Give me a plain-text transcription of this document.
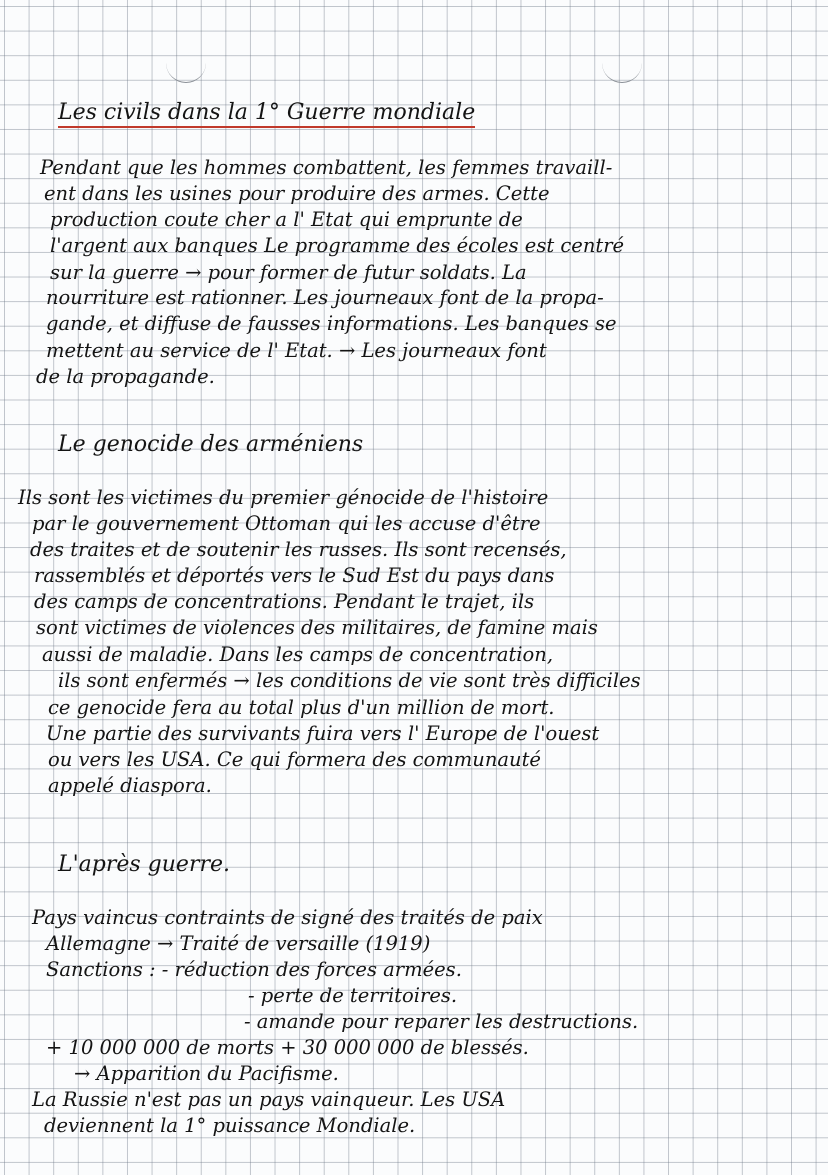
Les civils dans la 1° Guerre mondiale
Pendant que les hommes combattent, les femmes travaill-
ent dans les usines pour produire des armes. Cette
production coute cher a l' Etat qui emprunte de
l'argent aux banques Le programme des écoles est centré
sur la guerre → pour former de futur soldats. La
nourriture est rationner. Les journeaux font de la propa-
gande, et diffuse de fausses informations. Les banques se
mettent au service de l' Etat. → Les journeaux font
de la propagande.
Le genocide des arméniens
Ils sont les victimes du premier génocide de l'histoire
par le gouvernement Ottoman qui les accuse d'être
des traites et de soutenir les russes. Ils sont recensés,
rassemblés et déportés vers le Sud Est du pays dans
des camps de concentrations. Pendant le trajet, ils
sont victimes de violences des militaires, de famine mais
aussi de maladie. Dans les camps de concentration,
ils sont enfermés → les conditions de vie sont très difficiles
ce genocide fera au total plus d'un million de mort.
Une partie des survivants fuira vers l' Europe de l'ouest
ou vers les USA. Ce qui formera des communauté
appelé diaspora.
L'après guerre.
Pays vaincus contraints de signé des traités de paix
Allemagne → Traité de versaille (1919)
Sanctions : - réduction des forces armées.
- perte de territoires.
- amande pour reparer les destructions.
+ 10 000 000 de morts + 30 000 000 de blessés.
→ Apparition du Pacifisme.
La Russie n'est pas un pays vainqueur. Les USA
deviennent la 1° puissance Mondiale.
